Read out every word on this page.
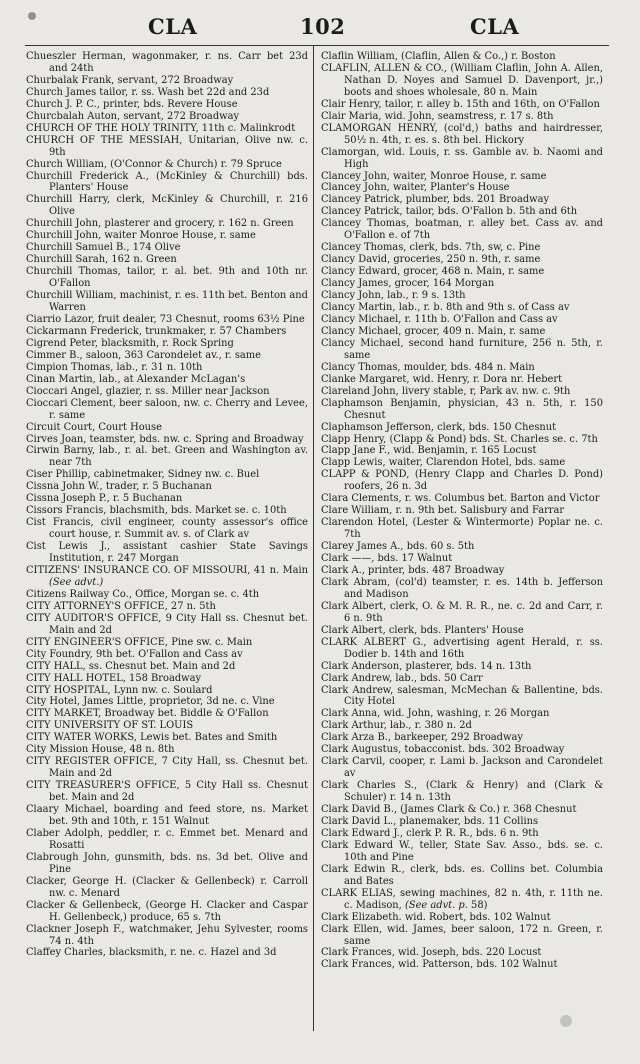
CLA	102	CLA
Chueszler Herman, wagonmaker, r. ns. Carr bet 23d and 24th
Churbalak Frank, servant, 272 Broadway
Church James tailor, r. ss. Wash bet 22d and 23d
Church J. P. C., printer, bds. Revere House
Churcbalah Auton, servant, 272 Broadway
CHURCH OF THE HOLY TRINITY, 11th c. Malinkrodt
CHURCH OF THE MESSIAH, Unitarian, Olive nw. c. 9th
Church William, (O'Connor & Church) r. 79 Spruce
Churchill Frederick A., (McKinley & Churchill) bds. Planters' House
Churchill Harry, clerk, McKinley & Churchill, r. 216 Olive
Churchill John, plasterer and grocery, r. 162 n. Green
Churchill John, waiter Monroe House, r. same
Churchill Samuel B., 174 Olive
Churchill Sarah, 162 n. Green
Churchill Thomas, tailor, r. al. bet. 9th and 10th nr. O'Fallon
Churchill William, machinist, r. es. 11th bet. Benton and Warren
Ciarrio Lazor, fruit dealer, 73 Chesnut, rooms 63½ Pine
Cickarmann Frederick, trunkmaker, r. 57 Chambers
Cigrend Peter, blacksmith, r. Rock Spring
Cimmer B., saloon, 363 Carondelet av., r. same
Cimpion Thomas, lab., r. 31 n. 10th
Cinan Martin, lab., at Alexander McLagan's
Cioccari Angel, glazier, r. ss. Miller near Jackson
Cioccari Clement, beer saloon, nw. c. Cherry and Levee, r. same
Circuit Court, Court House
Cirves Joan, teamster, bds. nw. c. Spring and Broadway
Cirwin Barny, lab., r. al. bet. Green and Washington av. near 7th
Ciser Phillip, cabinetmaker, Sidney nw. c. Buel
Cissna John W., trader, r. 5 Buchanan
Cissna Joseph P., r. 5 Buchanan
Cissors Francis, blachsmith, bds. Market se. c. 10th
Cist Francis, civil engineer, county assessor's office court house, r. Summit av. s. of Clark av
Cist Lewis J., assistant cashier State Savings Institution, r. 247 Morgan
CITIZENS' INSURANCE CO. OF MISSOURI, 41 n. Main (See advt.)
Citizens Railway Co., Office, Morgan se. c. 4th
CITY ATTORNEY'S OFFICE, 27 n. 5th
CITY AUDITOR'S OFFICE, 9 City Hall ss. Chesnut bet. Main and 2d
CITY ENGINEER'S OFFICE, Pine sw. c. Main
City Foundry, 9th bet. O'Fallon and Cass av
CITY HALL, ss. Chesnut bet. Main and 2d
CITY HALL HOTEL, 158 Broadway
CITY HOSPITAL, Lynn nw. c. Soulard
City Hotel, James Little, proprietor, 3d ne. c. Vine
CITY MARKET, Broadway bet. Biddle & O'Fallon
CITY UNIVERSITY OF ST. LOUIS
CITY WATER WORKS, Lewis bet. Bates and Smith
City Mission House, 48 n. 8th
CITY REGISTER OFFICE, 7 City Hall, ss. Chesnut bet. Main and 2d
CITY TREASURER'S OFFICE, 5 City Hall ss. Chesnut bet. Main and 2d
Claary Michael, boarding and feed store, ns. Market bet. 9th and 10th, r. 151 Walnut
Claber Adolph, peddler, r. c. Emmet bet. Menard and Rosatti
Clabrough John, gunsmith, bds. ns. 3d bet. Olive and Pine
Clacker, George H. (Clacker & Gellenbeck) r. Carroll nw. c. Menard
Clacker & Gellenbeck, (George H. Clacker and Caspar H. Gellenbeck,) produce, 65 s. 7th
Clackner Joseph F., watchmaker, Jehu Sylvester, rooms 74 n. 4th
Claffey Charles, blacksmith, r. ne. c. Hazel and 3d
Claflin William, (Claflin, Allen & Co.,) r. Boston
CLAFLIN, ALLEN & CO., (William Claflin, John A. Allen, Nathan D. Noyes and Samuel D. Davenport, jr.,) boots and shoes wholesale, 80 n. Main
Clair Henry, tailor, r. alley b. 15th and 16th, on O'Fallon
Clair Maria, wid. John, seamstress, r. 17 s. 8th
CLAMORGAN HENRY, (col'd,) baths and hairdresser, 50½ n. 4th, r. es. s. 8th bel. Hickory
Clamorgan, wid. Louis, r. ss. Gamble av. b. Naomi and High
Clancey John, waiter, Monroe House, r. same
Clancey John, waiter, Planter's House
Clancey Patrick, plumber, bds. 201 Broadway
Clancey Patrick, tailor, bds. O'Fallon b. 5th and 6th
Clancey Thomas, boatman, r. alley bet. Cass av. and O'Fallon e. of 7th
Clancey Thomas, clerk, bds. 7th, sw, c. Pine
Clancy David, groceries, 250 n. 9th, r. same
Clancy Edward, grocer, 468 n. Main, r. same
Clancy James, grocer, 164 Morgan
Clancy John, lab., r. 9 s. 13th
Clancy Martin, lab., r. b. 8th and 9th s. of Cass av
Clancy Michael, r. 11th b. O'Fallon and Cass av
Clancy Michael, grocer, 409 n. Main, r. same
Clancy Michael, second hand furniture, 256 n. 5th, r. same
Clancy Thomas, moulder, bds. 484 n. Main
Clanke Margaret, wid. Henry, r. Dora nr. Hebert
Clareland John, livery stable, r, Park av. nw. c. 9th
Claphamson Benjamin, physician, 43 n. 5th, r. 150 Chesnut
Claphamson Jefferson, clerk, bds. 150 Chesnut
Clapp Henry, (Clapp & Pond) bds. St. Charles se. c. 7th
Clapp Jane F., wid. Benjamin, r. 165 Locust
Clapp Lewis, waiter, Clarendon Hotel, bds. same
CLAPP & POND, (Henry Clapp and Charles D. Pond) roofers, 26 n. 3d
Clara Clements, r. ws. Columbus bet. Barton and Victor
Clare William, r. n. 9th bet. Salisbury and Farrar
Clarendon Hotel, (Lester & Wintermorte) Poplar ne. c. 7th
Clarey James A., bds. 60 s. 5th
Clark ——, bds. 17 Walnut
Clark A., printer, bds. 487 Broadway
Clark Abram, (col'd) teamster, r. es. 14th b. Jefferson and Madison
Clark Albert, clerk, O. & M. R. R., ne. c. 2d and Carr, r. 6 n. 9th
Clark Albert, clerk, bds. Planters' House
CLARK ALBERT G., advertising agent Herald, r. ss. Dodier b. 14th and 16th
Clark Anderson, plasterer, bds. 14 n. 13th
Clark Andrew, lab., bds. 50 Carr
Clark Andrew, salesman, McMechan & Ballentine, bds. City Hotel
Clark Anna, wid. John, washing, r. 26 Morgan
Clark Arthur, lab., r. 380 n. 2d
Clark Arza B., barkeeper, 292 Broadway
Clark Augustus, tobacconist. bds. 302 Broadway
Clark Carvil, cooper, r. Lami b. Jackson and Carondelet av
Clark Charles S., (Clark & Henry) and (Clark & Schuler) r. 14 n. 13th
Clark David B., (James Clark & Co.) r. 368 Chesnut
Clark David L., planemaker, bds. 11 Collins
Clark Edward J., clerk P. R. R., bds. 6 n. 9th
Clark Edward W., teller, State Sav. Asso., bds. se. c. 10th and Pine
Clark Edwin R., clerk, bds. es. Collins bet. Columbia and Bates
CLARK ELIAS, sewing machines, 82 n. 4th, r. 11th ne. c. Madison, (See advt. p. 58)
Clark Elizabeth. wid. Robert, bds. 102 Walnut
Clark Ellen, wid. James, beer saloon, 172 n. Green, r. same
Clark Frances, wid. Joseph, bds. 220 Locust
Clark Frances, wid. Patterson, bds. 102 Walnut
